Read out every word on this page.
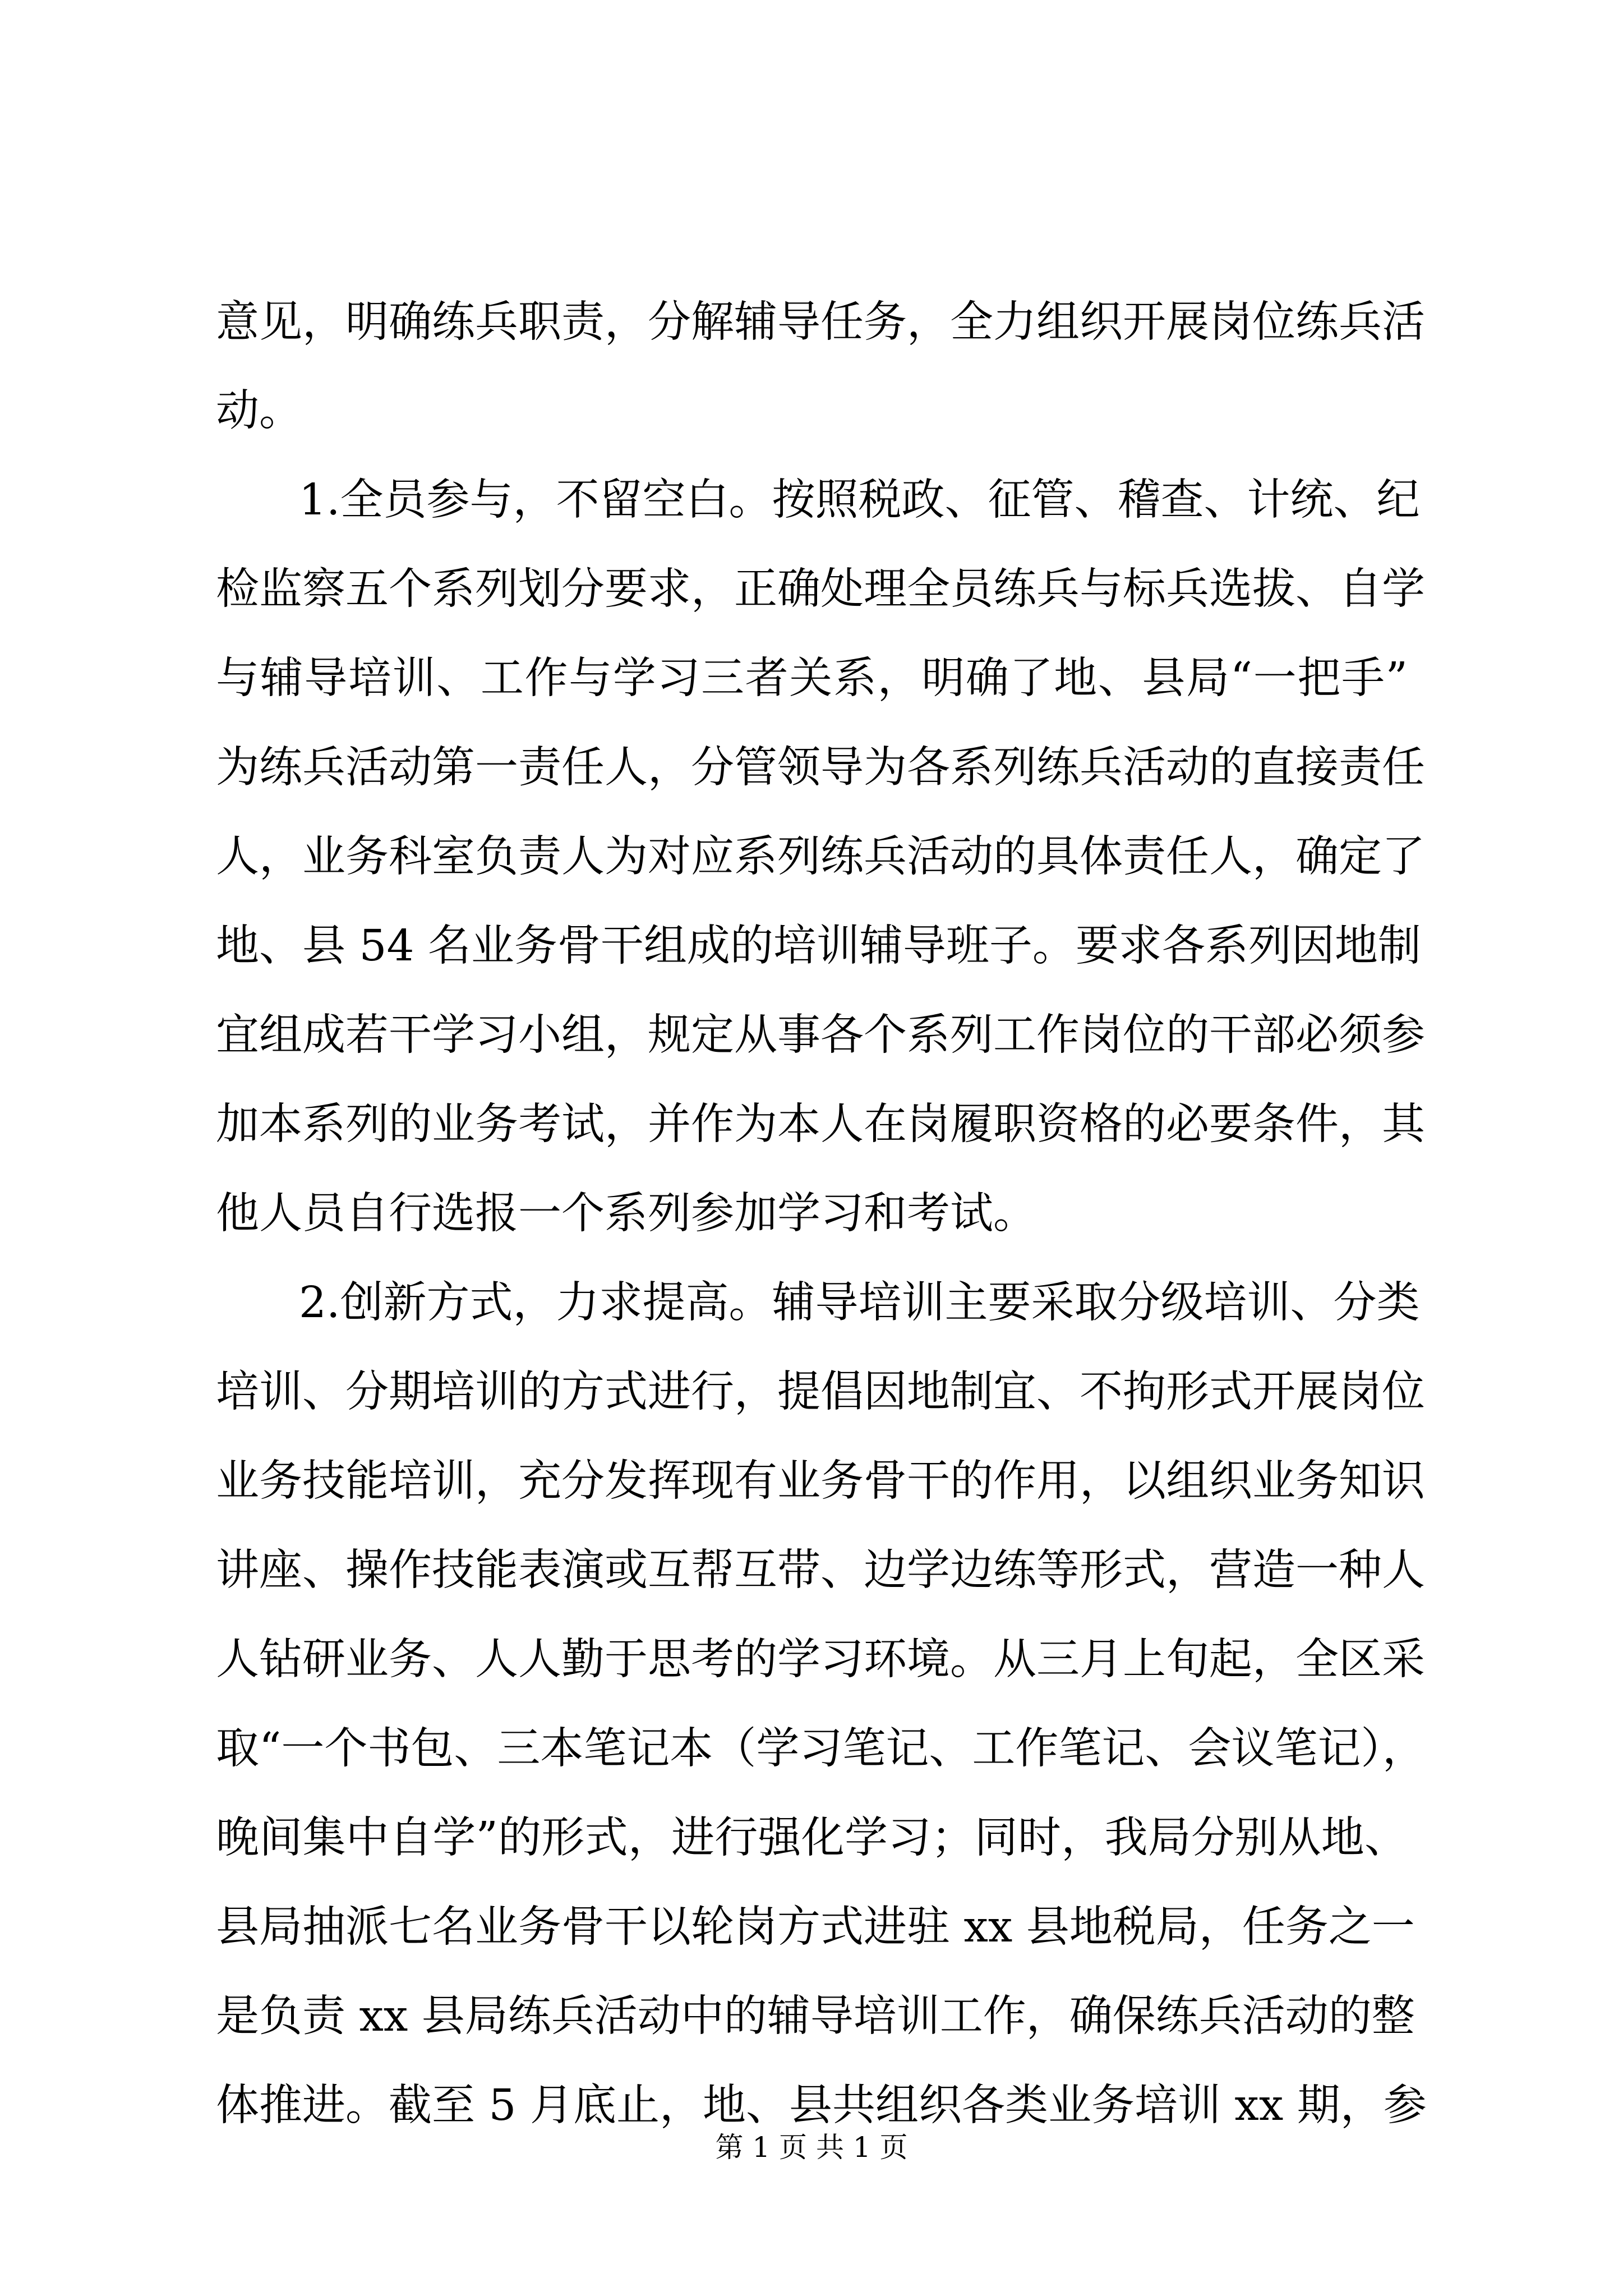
意见，明确练兵职责，分解辅导任务，全力组织开展岗位练兵活
动。
1.全员参与，不留空白。按照税政、征管、稽查、计统、纪
检监察五个系列划分要求，正确处理全员练兵与标兵选拔、自学
与辅导培训、工作与学习三者关系，明确了地、县局“一把手”
为练兵活动第一责任人，分管领导为各系列练兵活动的直接责任
人，业务科室负责人为对应系列练兵活动的具体责任人，确定了
地、县 54 名业务骨干组成的培训辅导班子。要求各系列因地制
宜组成若干学习小组，规定从事各个系列工作岗位的干部必须参
加本系列的业务考试，并作为本人在岗履职资格的必要条件，其
他人员自行选报一个系列参加学习和考试。
2.创新方式，力求提高。辅导培训主要采取分级培训、分类
培训、分期培训的方式进行，提倡因地制宜、不拘形式开展岗位
业务技能培训，充分发挥现有业务骨干的作用，以组织业务知识
讲座、操作技能表演或互帮互带、边学边练等形式，营造一种人
人钻研业务、人人勤于思考的学习环境。从三月上旬起，全区采
取“一个书包、三本笔记本（学习笔记、工作笔记、会议笔记），
晚间集中自学”的形式，进行强化学习；同时，我局分别从地、
县局抽派七名业务骨干以轮岗方式进驻 xx 县地税局，任务之一
是负责 xx 县局练兵活动中的辅导培训工作，确保练兵活动的整
体推进。截至 5 月底止，地、县共组织各类业务培训 xx 期，参
第 1 页 共 1 页
